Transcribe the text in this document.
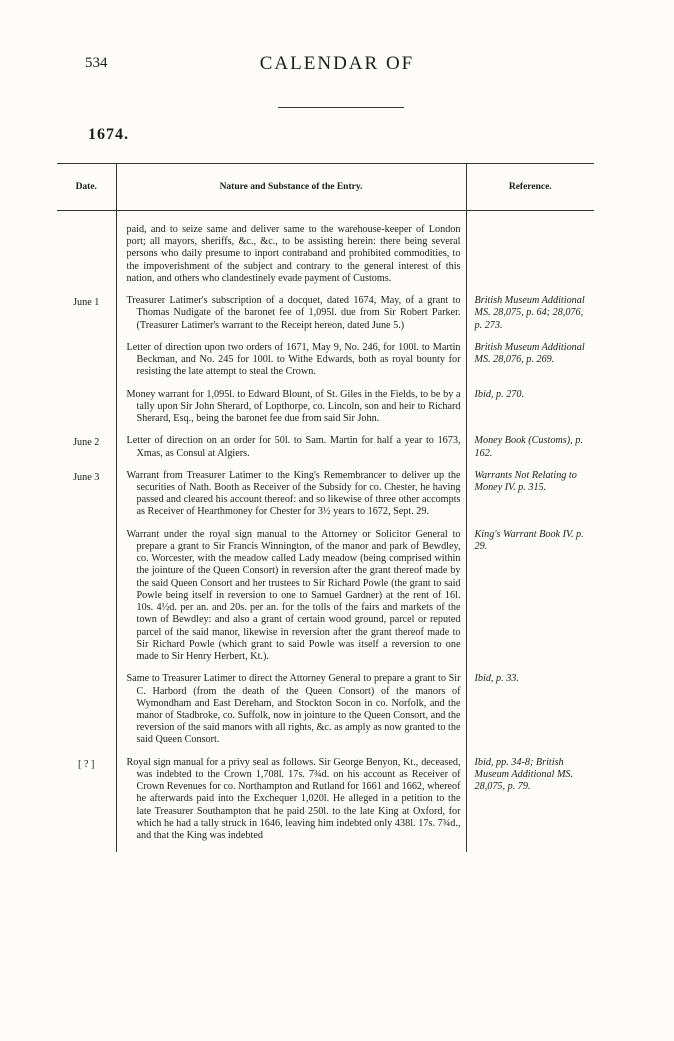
534	CALENDAR OF
1674.
Date.	Nature and Substance of the Entry.	Reference.

	paid, and to seize same and deliver same to the warehouse-keeper of London port; all mayors, sheriffs, &c., &c., to be assisting herein: there being several persons who daily presume to inport contraband and prohibited commodities, to the impoverishment of the subject and contrary to the general interest of this nation, and others who clandestinely evade payment of Customs.	

June 1	Treasurer Latimer's subscription of a docquet, dated 1674, May, of a grant to Thomas Nudigate of the baronet fee of 1,095l. due from Sir Robert Parker. (Treasurer Latimer's warrant to the Receipt hereon, dated June 5.)	British Museum Additional MS. 28,075, p. 64; 28,076, p. 273.

	Letter of direction upon two orders of 1671, May 9, No. 246, for 100l. to Martin Beckman, and No. 245 for 100l. to Withe Edwards, both as royal bounty for resisting the late attempt to steal the Crown.	British Museum Additional MS. 28,076, p. 269.

	Money warrant for 1,095l. to Edward Blount, of St. Giles in the Fields, to be by a tally upon Sir John Sherard, of Lopthorpe, co. Lincoln, son and heir to Richard Sherard, Esq., being the baronet fee due from said Sir John.	Ibid, p. 270.

June 2	Letter of direction on an order for 50l. to Sam. Martin for half a year to 1673, Xmas, as Consul at Algiers.	Money Book (Customs), p. 162.

June 3	Warrant from Treasurer Latimer to the King's Remembrancer to deliver up the securities of Nath. Booth as Receiver of the Subsidy for co. Chester, he having passed and cleared his account thereof: and so likewise of three other accompts as Receiver of Hearthmoney for Chester for 3½ years to 1672, Sept. 29.	Warrants Not Relating to Money IV. p. 315.

	Warrant under the royal sign manual to the Attorney or Solicitor General to prepare a grant to Sir Francis Winnington, of the manor and park of Bewdley, co. Worcester, with the meadow called Lady meadow (being comprised within the jointure of the Queen Consort) in reversion after the grant thereof made by the said Queen Consort and her trustees to Sir Richard Powle (the grant to said Powle being itself in reversion to one to Samuel Gardner) at the rent of 16l. 10s. 4½d. per an. and 20s. per an. for the tolls of the fairs and markets of the town of Bewdley: and also a grant of certain wood ground, parcel or reputed parcel of the said manor, likewise in reversion after the grant thereof made to Sir Richard Powle (which grant to said Powle was itself a reversion to one made to Sir Henry Herbert, Kt.).	King's Warrant Book IV. p. 29.

	Same to Treasurer Latimer to direct the Attorney General to prepare a grant to Sir C. Harbord (from the death of the Queen Consort) of the manors of Wymondham and East Dereham, and Stockton Socon in co. Norfolk, and the manor of Stadbroke, co. Suffolk, now in jointure to the Queen Consort, and the reversion of the said manors with all rights, &c. as amply as now granted to the said Queen Consort.	Ibid, p. 33.

[ ? ]	Royal sign manual for a privy seal as follows. Sir George Benyon, Kt., deceased, was indebted to the Crown 1,708l. 17s. 7¾d. on his account as Receiver of Crown Revenues for co. Northampton and Rutland for 1661 and 1662, whereof he afterwards paid into the Exchequer 1,020l. He alleged in a petition to the late Treasurer Southampton that he paid 250l. to the late King at Oxford, for which he had a tally struck in 1646, leaving him indebted only 438l. 17s. 7¾d., and that the King was indebted	Ibid, pp. 34-8; British Museum Additional MS. 28,075, p. 79.
